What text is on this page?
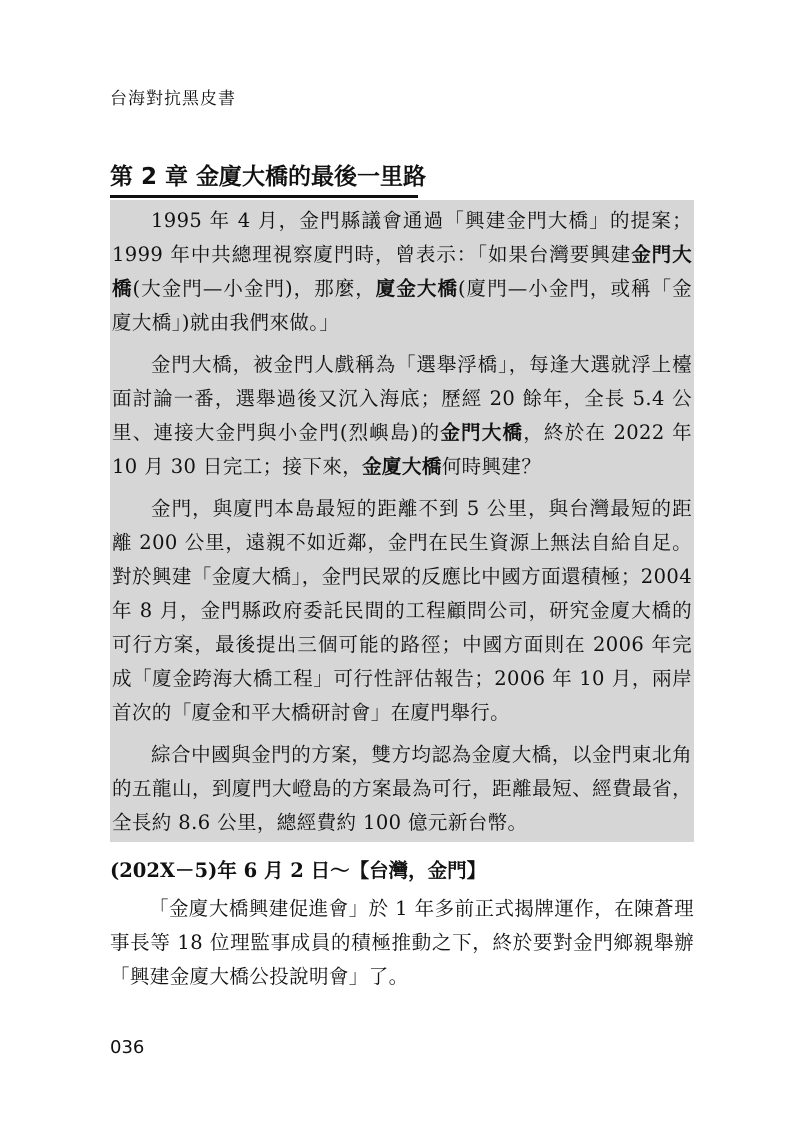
台海對抗黑皮書
第 2 章 金廈大橋的最後一里路

1995 年 4 月，金門縣議會通過「興建金門大橋」的提案；1999 年中共總理視察廈門時，曾表示：「如果台灣要興建金門大橋(大金門—小金門)，那麼，廈金大橋(廈門—小金門，或稱「金廈大橋」)就由我們來做。」

金門大橋，被金門人戲稱為「選舉浮橋」，每逢大選就浮上檯面討論一番，選舉過後又沉入海底；歷經 20 餘年，全長 5.4 公里、連接大金門與小金門(烈嶼島)的金門大橋，終於在 2022 年 10 月 30 日完工；接下來，金廈大橋何時興建？

金門，與廈門本島最短的距離不到 5 公里，與台灣最短的距離 200 公里，遠親不如近鄰，金門在民生資源上無法自給自足。對於興建「金廈大橋」，金門民眾的反應比中國方面還積極；2004 年 8 月，金門縣政府委託民間的工程顧問公司，研究金廈大橋的可行方案，最後提出三個可能的路徑；中國方面則在 2006 年完成「廈金跨海大橋工程」可行性評估報告；2006 年 10 月，兩岸首次的「廈金和平大橋研討會」在廈門舉行。

綜合中國與金門的方案，雙方均認為金廈大橋，以金門東北角的五龍山，到廈門大嶝島的方案最為可行，距離最短、經費最省，全長約 8.6 公里，總經費約 100 億元新台幣。

(202X－5)年 6 月 2 日～【台灣，金門】

「金廈大橋興建促進會」於 1 年多前正式揭牌運作，在陳蒼理事長等 18 位理監事成員的積極推動之下，終於要對金門鄉親舉辦「興建金廈大橋公投說明會」了。

036
